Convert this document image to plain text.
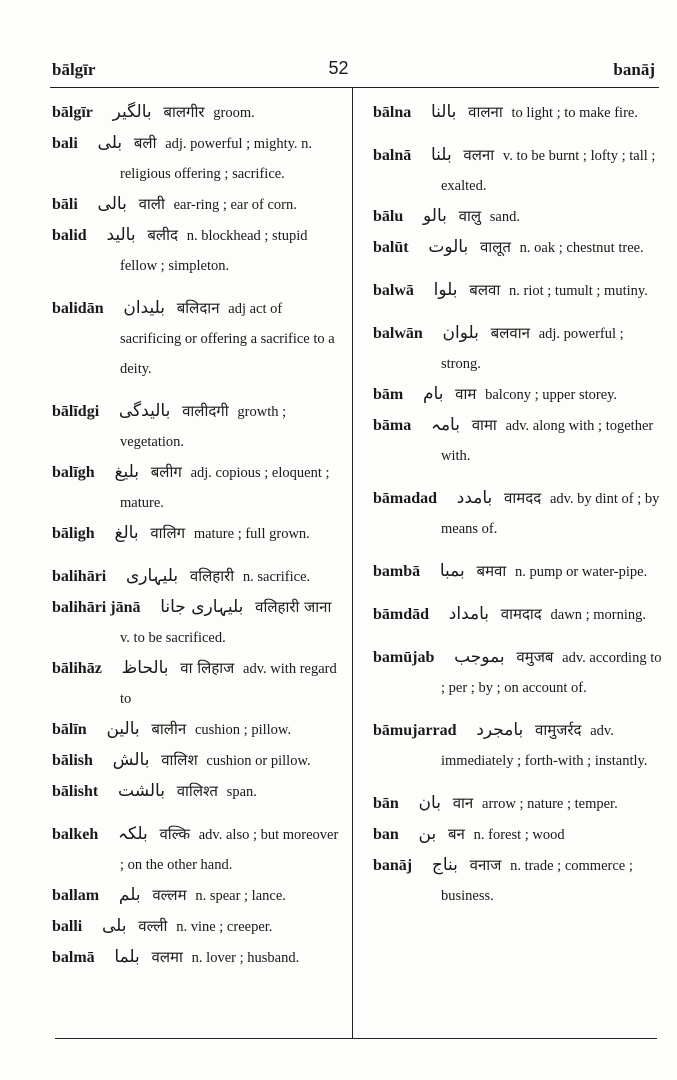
bālgīr	52	banāj

bālgīr بالگیر बालगीर groom.

bali بلی बली adj. powerful ; mighty. n. religious offering ; sacrifice.

bāli بالی वाली ear-ring ; ear of corn.

balid بالید बलीद n. blockhead ; stupid fellow ; simpleton.

balidān بلیدان बलिदान adj act of sacrificing or offering a sacrifice to a deity.

bālīdgi بالیدگی वालीदगी growth ; vegetation.

balīgh بلیغ बलीग adj. copious ; eloquent ; mature.

bāligh بالغ वालिग mature ; full grown.

balihāri بلیہاری वलिहारी n. sacrifice.

balihāri jānā بلیہاری جانا वलिहारी जाना v. to be sacrificed.

bālihāz بالحاظ वा लिहाज adv. with regard to

bālīn بالین बालीन cushion ; pillow.

bālish بالش वालिश cushion or pillow.

bālisht بالشت वालिश्त span.

balkeh بلکہ वल्कि adv. also ; but moreover ; on the other hand.

ballam بلم वल्लम n. spear ; lance.

balli بلی वल्ली n. vine ; creeper.

balmā بلما वलमा n. lover ; husband.

bālna بالنا वालना to light ; to make fire.

balnā بلنا वलना v. to be burnt ; lofty ; tall ; exalted.

bālu بالو वालु sand.

balūt بالوت वालूत n. oak ; chestnut tree.

balwā بلوا बलवा n. riot ; tumult ; mutiny.

balwān بلوان बलवान adj. powerful ; strong.

bām بام वाम balcony ; upper storey.

bāma بامہ वामा adv. along with ; together with.

bāmadad بامدد वामदद adv. by dint of ; by means of.

bambā بمبا बमवा n. pump or water-pipe.

bāmdād بامداد वामदाद dawn ; morning.

bamūjab بموجب वमुजब adv. according to ; per ; by ; on account of.

bāmujarrad بامجرد वामुजर्रद adv. immediately ; forth-with ; instantly.

bān بان वान arrow ; nature ; temper.

ban بن बन n. forest ; wood

banāj بناج वनाज n. trade ; commerce ; business.
